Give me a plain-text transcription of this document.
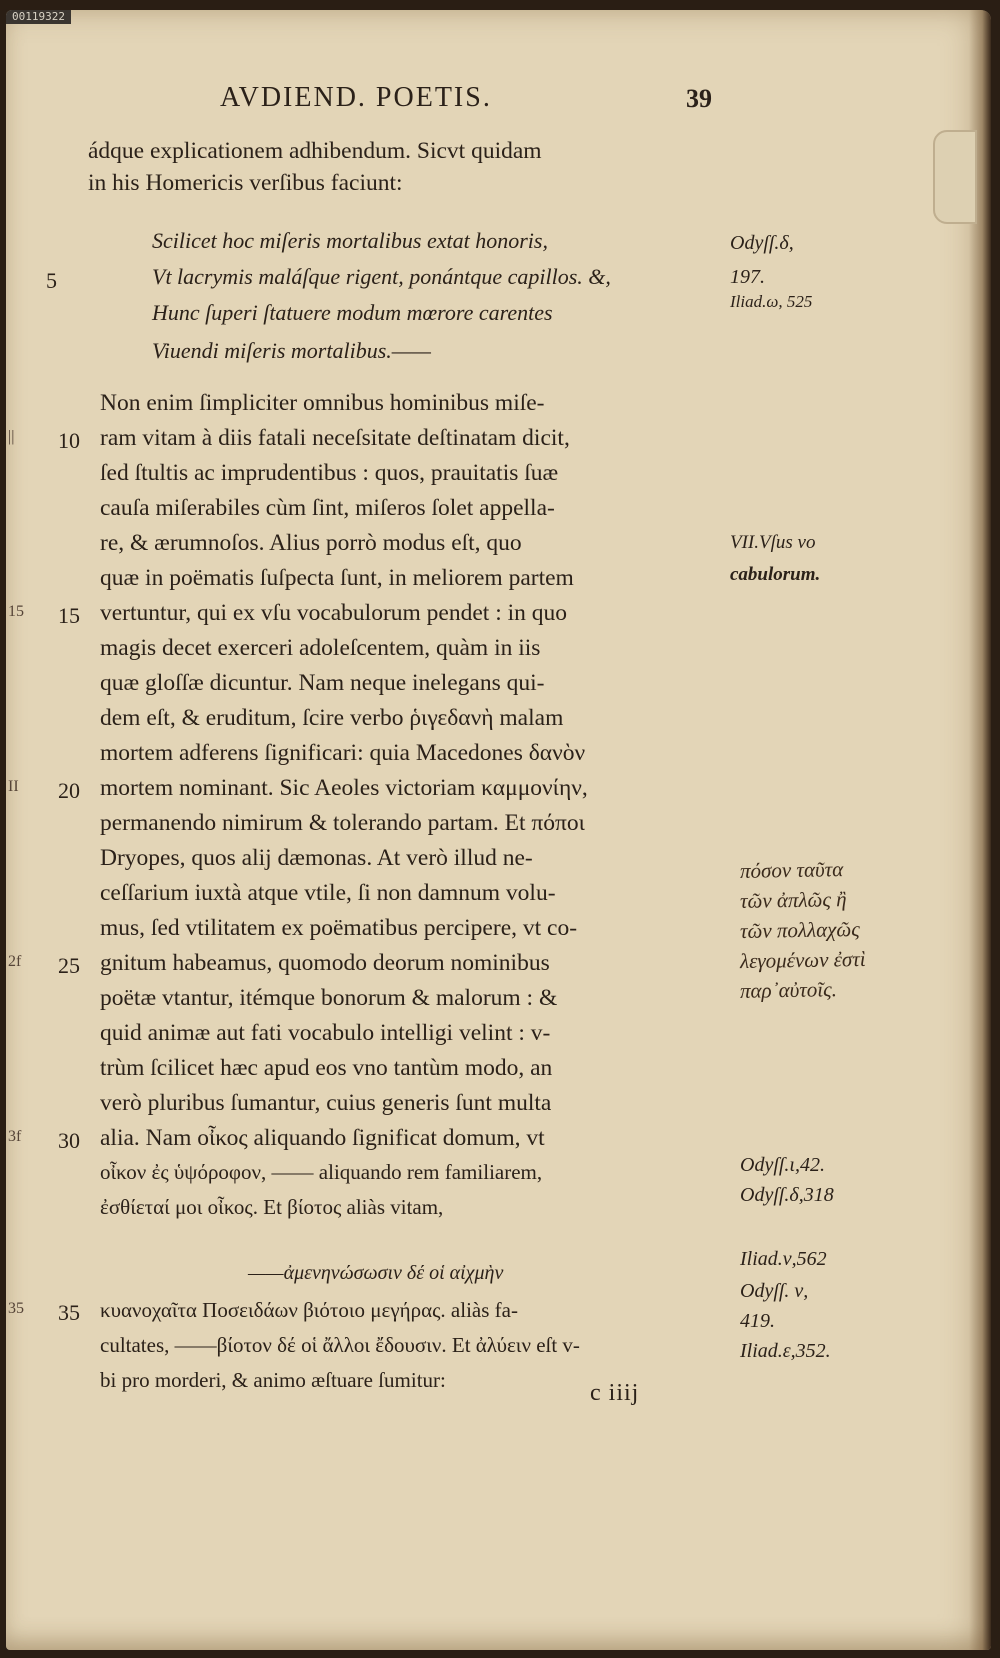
00119322
AVDIEND. POETIS.	39
ádque explicationem adhibendum. Sicvt quidam
in his Homericis verſibus faciunt:
Scilicet hoc miſeris mortalibus extat honoris,
Vt lacrymis maláſque rigent, ponántque capillos. &,
Hunc ſuperi ſtatuere modum mœrore carentes
Viuendi miſeris mortalibus.——
Non enim ſimpliciter omnibus hominibus miſe-
ram vitam à diis fatali neceſsitate deſtinatam dicit,
ſed ſtultis ac imprudentibus : quos, prauitatis ſuæ
cauſa miſerabiles cùm ſint, miſeros ſolet appella-
re, & ærumnoſos. Alius porrò modus eſt, quo
quæ in poëmatis ſuſpecta ſunt, in meliorem partem
vertuntur, qui ex vſu vocabulorum pendet : in quo
magis decet exerceri adoleſcentem, quàm in iis
quæ gloſſæ dicuntur. Nam neque inelegans qui-
dem eſt, & eruditum, ſcire verbo ῥιγεδανὴ malam
mortem adferens ſignificari: quia Macedones δανὸν
mortem nominant. Sic Aeoles victoriam καμμονίην,
permanendo nimirum & tolerando partam. Et πόποι
Dryopes, quos alij dæmonas. At verò illud ne-
ceſſarium iuxtà atque vtile, ſi non damnum volu-
mus, ſed vtilitatem ex poëmatibus percipere, vt co-
gnitum habeamus, quomodo deorum nominibus
poëtæ vtantur, itémque bonorum & malorum : &
quid animæ aut fati vocabulo intelligi velint : v-
trùm ſcilicet hæc apud eos vno tantùm modo, an
verò pluribus ſumantur, cuius generis ſunt multa
alia. Nam οἶκος aliquando ſignificat domum, vt
οἶκον ἐς ὑψόροφον, —— aliquando rem familiarem,
ἐσθίεταί μοι οἶκος. Et βίοτος aliàs vitam,
——ἀμενηνώσωσιν δέ οἱ αἰχμὴν
κυανοχαῖτα Ποσειδάων βιότοιο μεγήρας. aliàs fa-
cultates, ——βίοτον δέ οἱ ἄλλοι ἔδουσιν. Et ἀλύειν eſt v-
bi pro morderi, & animo æſtuare ſumitur:
5
10
15
20
25
30
35
||
15
II
2f
3f
35
Odyſſ.δ,
197.
Iliad.ω, 525
VII.Vſus vo
cabulorum.
Odyſſ.ι,42.
Odyſſ.δ,318
Iliad.ν,562
Odyſſ. ν,
419.
Iliad.ε,352.
πόσον ταῦτα
τῶν ἀπλῶς ἢ
τῶν πολλαχῶς
λεγομένων ἐστὶ
παρ᾽αὐτοῖς.
c iiij
